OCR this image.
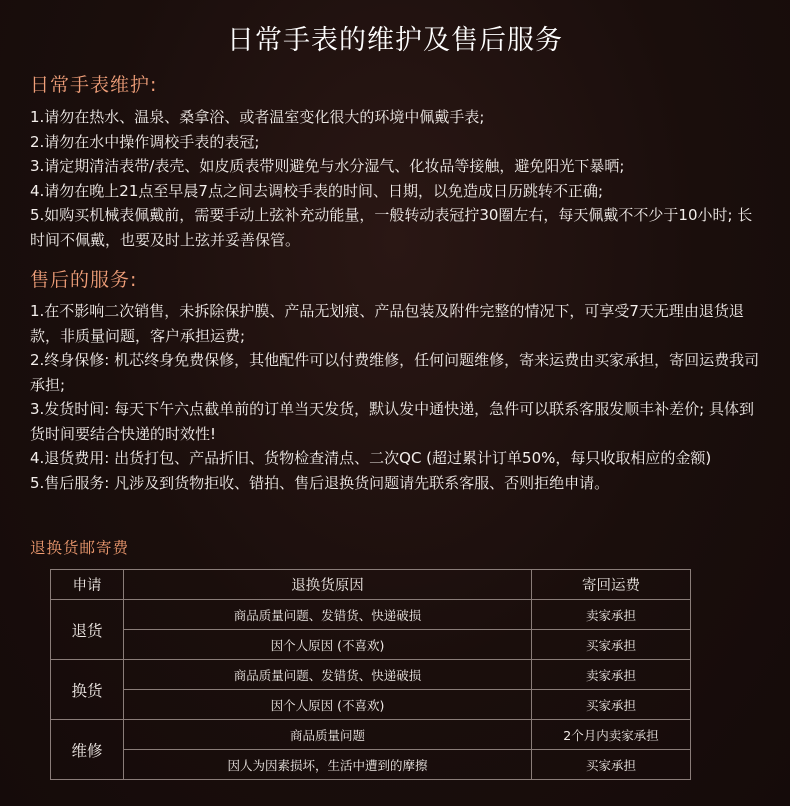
日常手表的维护及售后服务
日常手表维护:
1.请勿在热水、温泉、桑拿浴、或者温室变化很大的环境中佩戴手表;
2.请勿在水中操作调校手表的表冠;
3.请定期清洁表带/表壳、如皮质表带则避免与水分湿气、化妆品等接触，避免阳光下暴晒;
4.请勿在晚上21点至早晨7点之间去调校手表的时间、日期，以免造成日历跳转不正确;
5.如购买机械表佩戴前，需要手动上弦补充动能量，一般转动表冠拧30圈左右，每天佩戴不不少于10小时; 长时间不佩戴，也要及时上弦并妥善保管。
售后的服务:
1.在不影响二次销售，未拆除保护膜、产品无划痕、产品包装及附件完整的情况下，可享受7天无理由退货退款，非质量问题，客户承担运费;
2.终身保修: 机芯终身免费保修，其他配件可以付费维修，任何问题维修，寄来运费由买家承担，寄回运费我司承担;
3.发货时间: 每天下午六点截单前的订单当天发货，默认发中通快递，急件可以联系客服发顺丰补差价; 具体到货时间要结合快递的时效性!
4.退货费用: 出货打包、产品折旧、货物检查清点、二次QC (超过累计订单50%，每只收取相应的金额)
5.售后服务: 凡涉及到货物拒收、错拍、售后退换货问题请先联系客服、否则拒绝申请。
退换货邮寄费
申请	退换货原因	寄回运费
退货	商品质量问题、发错货、快递破损	卖家承担
	因个人原因 (不喜欢)	买家承担
换货	商品质量问题、发错货、快递破损	卖家承担
	因个人原因 (不喜欢)	买家承担
维修	商品质量问题	2个月内卖家承担
	因人为因素损坏，生活中遭到的摩擦	买家承担
